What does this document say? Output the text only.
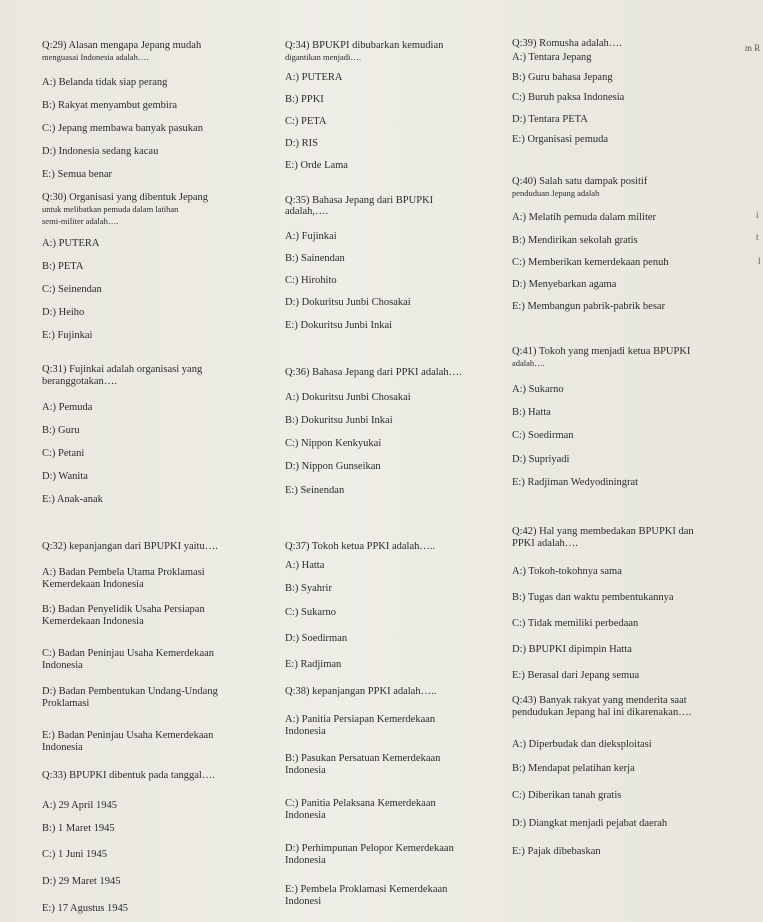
Q:29) Alasan mengapa Jepang mudah
menguasai Indonesia adalah….
A:) Belanda tidak siap perang
B:) Rakyat menyambut gembira
C:) Jepang membawa banyak pasukan
D:) Indonesia sedang kacau
E:) Semua benar
Q:30) Organisasi yang dibentuk Jepang
untuk melibatkan pemuda dalam latihan
semi-militer adalah….
A:) PUTERA
B:) PETA
C:) Seinendan
D:) Heiho
E:) Fujinkai
Q:31) Fujinkai adalah organisasi yang
beranggotakan….
A:) Pemuda
B:) Guru
C:) Petani
D:) Wanita
E:) Anak-anak
Q:32) kepanjangan dari BPUPKI yaitu….
A:) Badan Pembela Utama Proklamasi
Kemerdekaan Indonesia
B:) Badan Penyelidik Usaha Persiapan
Kemerdekaan Indonesia
C:) Badan Peninjau Usaha Kemerdekaan
Indonesia
D:) Badan Pembentukan Undang-Undang
Proklamasi
E:) Badan Peninjau Usaha Kemerdekaan
Indonesia
Q:33) BPUPKI dibentuk pada tanggal….
A:) 29 April 1945
B:) 1 Maret 1945
C:) 1 Juni 1945
D:) 29 Maret 1945
E:) 17 Agustus 1945
Q:34) BPUKPI dibubarkan kemudian
digantikan menjadi….
A:) PUTERA
B:) PPKI
C:) PETA
D:) RIS
E:) Orde Lama
Q:35) Bahasa Jepang dari BPUPKI
adalah,….
A:) Fujinkai
B:) Sainendan
C:) Hirohito
D:) Dokuritsu Junbi Chosakai
E:) Dokuritsu Junbi Inkai
Q:36) Bahasa Jepang dari PPKI adalah….
A:) Dokuritsu Junbi Chosakai
B:) Dokuritsu Junbi Inkai
C:) Nippon Kenkyukai
D:) Nippon Gunseikan
E:) Seinendan
Q:37) Tokoh ketua PPKI adalah…..
A:) Hatta
B:) Syahrir
C:) Sukarno
D:) Soedirman
E:) Radjiman
Q:38) kepanjangan PPKI adalah…..
A:) Panitia Persiapan Kemerdekaan
Indonesia
B:) Pasukan Persatuan Kemerdekaan
Indonesia
C:) Panitia Pelaksana Kemerdekaan
Indonesia
D:) Perhimpunan Pelopor Kemerdekaan
Indonesia
E:) Pembela Proklamasi Kemerdekaan
Indonesi
Q:39) Romusha adalah….
A:) Tentara Jepang
B:) Guru bahasa Jepang
C:) Buruh paksa Indonesia
D:) Tentara PETA
E:) Organisasi pemuda
Q:40) Salah satu dampak positif
penduduan Jepang adalah
A:) Melatih pemuda dalam militer
B:) Mendirikan sekolah gratis
C:) Memberikan kemerdekaan penuh
D:) Menyebarkan agama
E:) Membangun pabrik-pabrik besar
Q:41) Tokoh yang menjadi ketua BPUPKI
adalah….
A:) Sukarno
B:) Hatta
C:) Soedirman
D:) Supriyadi
E:) Radjiman Wedyodiningrat
Q:42) Hal yang membedakan BPUPKI dan
PPKI adalah….
A:) Tokoh-tokohnya sama
B:) Tugas dan waktu pembentukannya
C:) Tidak memiliki perbedaan
D:) BPUPKI dipimpin Hatta
E:) Berasal dari Jepang semua
Q:43) Banyak rakyat yang menderita saat
pendudukan Jepang hal ini dikarenakan….
A:) Diperbudak dan dieksploitasi
B:) Mendapat pelatihan kerja
C:) Diberikan tanah gratis
D:) Diangkat menjadi pejabat daerah
E:) Pajak dibebaskan
m R
i
t
l
